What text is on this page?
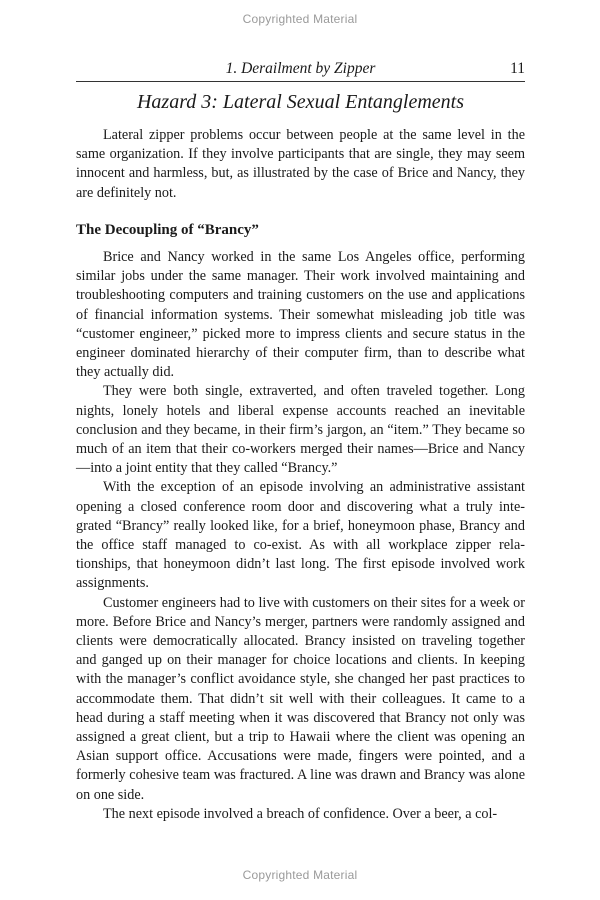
Copyrighted Material
1. Derailment by Zipper	11
Hazard 3: Lateral Sexual Entanglements

Lateral zipper problems occur between people at the same level in the same organization. If they involve participants that are single, they may seem innocent and harmless, but, as illustrated by the case of Brice and Nancy, they are definitely not.

The Decoupling of “Brancy”

Brice and Nancy worked in the same Los Angeles office, performing similar jobs under the same manager. Their work involved maintaining and troubleshooting computers and training customers on the use and applications of financial information systems. Their somewhat misleading job title was “customer engineer,” picked more to impress clients and secure status in the engineer dominated hierarchy of their computer firm, than to describe what they actually did.

They were both single, extraverted, and often traveled together. Long nights, lonely hotels and liberal expense accounts reached an inevitable conclusion and they became, in their firm’s jargon, an “item.” They became so much of an item that their co-workers merged their names—Brice and Nancy—into a joint entity that they called “Brancy.”

With the exception of an episode involving an administrative assistant opening a closed conference room door and discovering what a truly integrated “Brancy” really looked like, for a brief, honeymoon phase, Brancy and the office staff managed to co-exist. As with all workplace zipper relationships, that honeymoon didn’t last long. The first episode involved work assignments.

Customer engineers had to live with customers on their sites for a week or more. Before Brice and Nancy’s merger, partners were randomly assigned and clients were democratically allocated. Brancy insisted on traveling together and ganged up on their manager for choice locations and clients. In keeping with the manager’s conflict avoidance style, she changed her past practices to accommodate them. That didn’t sit well with their colleagues. It came to a head during a staff meeting when it was discovered that Brancy not only was assigned a great client, but a trip to Hawaii where the client was opening an Asian support office. Accusations were made, fingers were pointed, and a formerly cohesive team was fractured. A line was drawn and Brancy was alone on one side.

The next episode involved a breach of confidence. Over a beer, a col-

Copyrighted Material
